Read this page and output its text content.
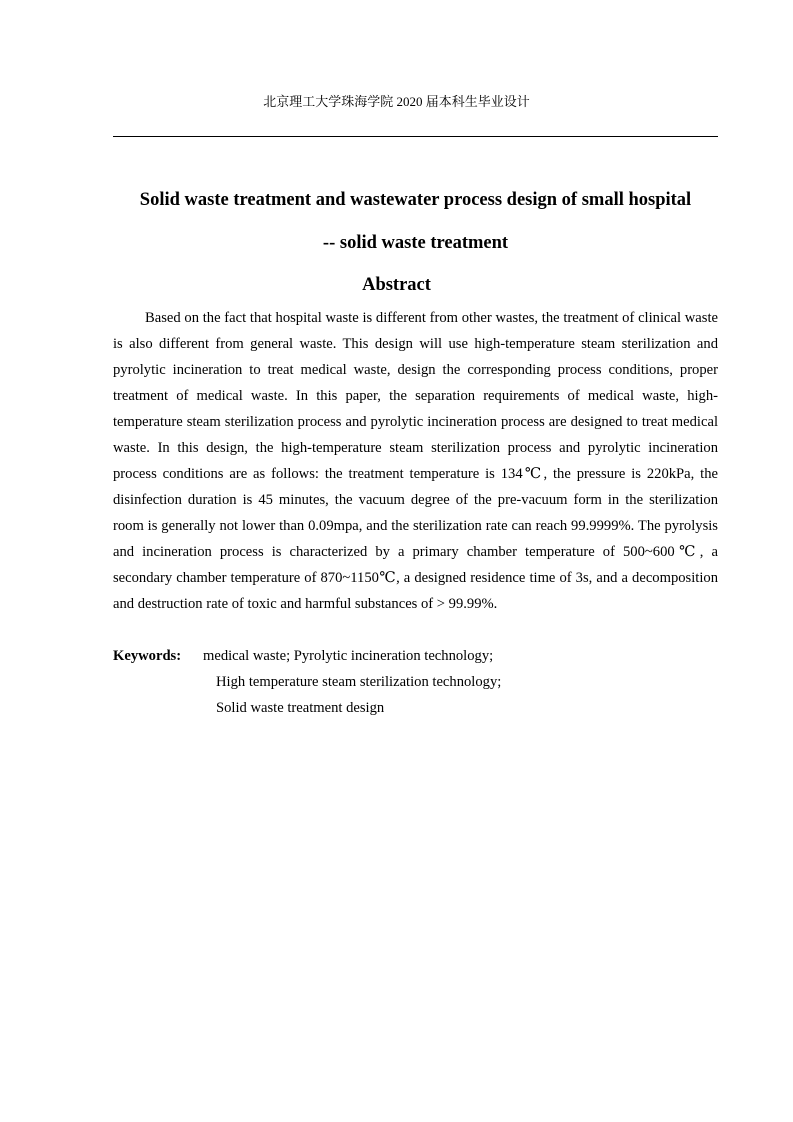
北京理工大学珠海学院 2020 届本科生毕业设计
Solid waste treatment and wastewater process design of small hospital
-- solid waste treatment
Abstract

Based on the fact that hospital waste is different from other wastes, the treatment of clinical waste is also different from general waste. This design will use high-temperature steam sterilization and pyrolytic incineration to treat medical waste, design the corresponding process conditions, proper treatment of medical waste. In this paper, the separation requirements of medical waste, high-temperature steam sterilization process and pyrolytic incineration process are designed to treat medical waste. In this design, the high-temperature steam sterilization process and pyrolytic incineration process conditions are as follows: the treatment temperature is 134℃, the pressure is 220kPa, the disinfection duration is 45 minutes, the vacuum degree of the pre-vacuum form in the sterilization room is generally not lower than 0.09mpa, and the sterilization rate can reach 99.9999%. The pyrolysis and incineration process is characterized by a primary chamber temperature of 500~600℃, a secondary chamber temperature of 870~1150℃, a designed residence time of 3s, and a decomposition and destruction rate of toxic and harmful substances of > 99.99%.

Keywords: medical waste; Pyrolytic incineration technology;
High temperature steam sterilization technology;
Solid waste treatment design
